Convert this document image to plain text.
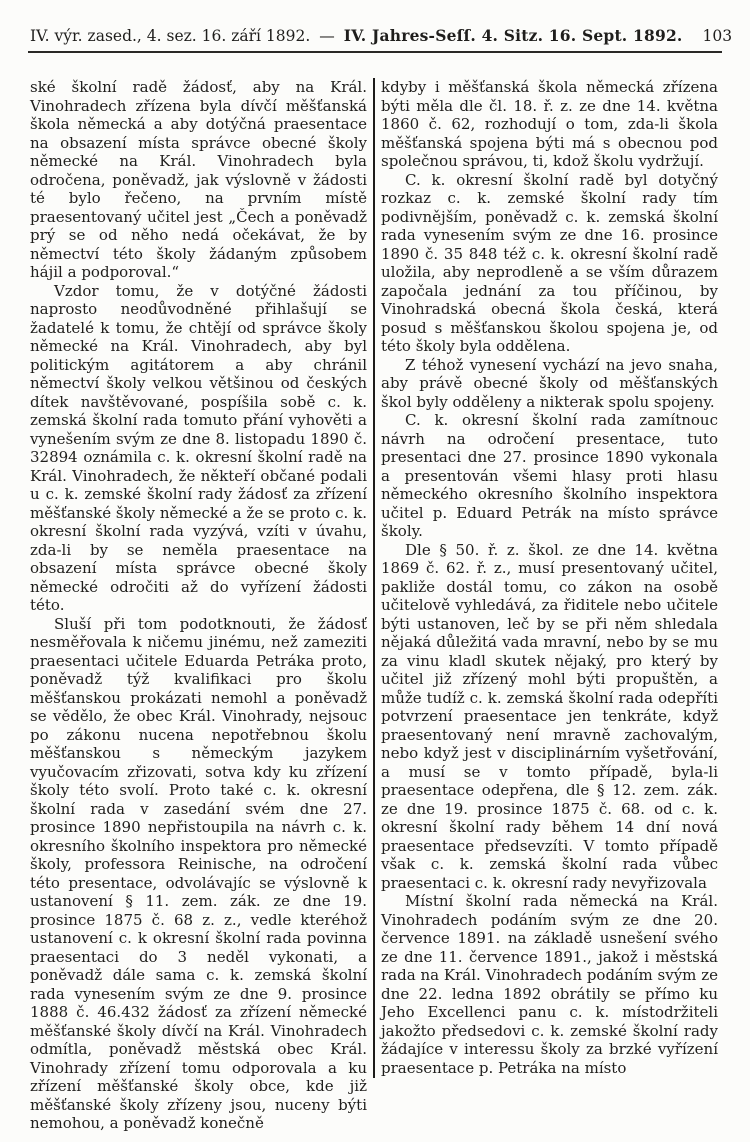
IV. výr. zased., 4. sez. 16. září 1892. — IV. Jahres-Seſſ. 4. Sitz. 16. Sept. 1892.	103

ské školní radě žádosť, aby na Král. Vinohradech zřízena byla dívčí měšťanská škola německá a aby dotýčná praesentace na obsazení místa správce obecné školy německé na Král. Vinohradech byla odročena, poněvadž, jak výslovně v žádosti té bylo řečeno, na prvním místě praesentovaný učitel jest „Čech a poněvadž prý se od něho nedá očekávat, že by němectví této školy žádaným způsobem hájil a podporoval.“

Vzdor tomu, že v dotýčné žádosti naprosto neodůvodněné přihlašují se žadatelé k tomu, že chtějí od správce školy německé na Král. Vinohradech, aby byl politickým agitátorem a aby chránil němectví školy velkou většinou od českých dítek navštěvované, pospíšila sobě c. k. zemská školní rada tomuto přání vyhověti a vynešením svým ze dne 8. listopadu 1890 č. 32894 oznámila c. k. okresní školní radě na Král. Vinohradech, že někteří občané podali u c. k. zemské školní rady žádosť za zřízení měšťanské školy německé a že se proto c. k. okresní školní rada vyzývá, vzíti v úvahu, zda-li by se neměla praesentace na obsazení místa správce obecné školy německé odročiti až do vyřízení žádosti této.

Sluší při tom podotknouti, že žádosť nesměřovala k ničemu jinému, než zameziti praesentaci učitele Eduarda Petráka proto, poněvadž týž kvalifikaci pro školu měšťanskou prokázati nemohl a poněvadž se vědělo, že obec Král. Vinohrady, nejsouc po zákonu nucena nepotřebnou školu měšťanskou s německým jazykem vyučovacím zřizovati, sotva kdy ku zřízení školy této svolí. Proto také c. k. okresní školní rada v zasedání svém dne 27. prosince 1890 nepřistoupila na návrh c. k. okresního školního inspektora pro německé školy, professora Reinische, na odročení této presentace, odvolávajíc se výslovně k ustanovení § 11. zem. zák. ze dne 19. prosince 1875 č. 68 z. z., vedle kteréhož ustanovení c. k okresní školní rada povinna praesentaci do 3 neděl vykonati, a poněvadž dále sama c. k. zemská školní rada vynesením svým ze dne 9. prosince 1888 č. 46.432 žádosť za zřízení německé měšťanské školy dívčí na Král. Vinohradech odmítla, poněvadž městská obec Král. Vinohrady zřízení tomu odporovala a ku zřízení měšťanské školy obce, kde již měšťanské školy zřízeny jsou, nuceny býti nemohou, a poněvadž konečně

kdyby i měšťanská škola německá zřízena býti měla dle čl. 18. ř. z. ze dne 14. května 1860 č. 62, rozhodují o tom, zda-li škola měšťanská spojena býti má s obecnou pod společnou správou, ti, kdož školu vydržují.

C. k. okresní školní radě byl dotyčný rozkaz c. k. zemské školní rady tím podivnějším, poněvadž c. k. zemská školní rada vynesením svým ze dne 16. prosince 1890 č. 35 848 též c. k. okresní školní radě uložila, aby neprodleně a se vším důrazem započala jednání za tou příčinou, by Vinohradská obecná škola česká, která posud s měšťanskou školou spojena je, od této školy byla oddělena.

Z téhož vynesení vychází na jevo snaha, aby právě obecné školy od měšťanských škol byly odděleny a nikterak spolu spojeny.

C. k. okresní školní rada zamítnouc návrh na odročení presentace, tuto presentaci dne 27. prosince 1890 vykonala a presentován všemi hlasy proti hlasu německého okresního školního inspektora učitel p. Eduard Petrák na místo správce školy.

Dle § 50. ř. z. škol. ze dne 14. května 1869 č. 62. ř. z., musí presentovaný učitel, pakliže dostál tomu, co zákon na osobě učitelově vyhledává, za řiditele nebo učitele býti ustanoven, leč by se při něm shledala nějaká důležitá vada mravní, nebo by se mu za vinu kladl skutek nějaký, pro který by učitel již zřízený mohl býti propuštěn, a může tudíž c. k. zemská školní rada odepříti potvrzení praesentace jen tenkráte, když praesentovaný není mravně zachovalým, nebo když jest v disciplinárním vyšetřování, a musí se v tomto případě, byla-li praesentace odepřena, dle § 12. zem. zák. ze dne 19. prosince 1875 č. 68. od c. k. okresní školní rady během 14 dní nová praesentace předsevzíti. V tomto případě však c. k. zemská školní rada vůbec praesentaci c. k. okresní rady nevyřizovala

Místní školní rada německá na Král. Vinohradech podáním svým ze dne 20. července 1891. na základě usnešení svého ze dne 11. července 1891., jakož i městská rada na Král. Vinohradech podáním svým ze dne 22. ledna 1892 obrátily se přímo ku Jeho Excellenci panu c. k. místodržiteli jakožto předsedovi c. k. zemské školní rady žádajíce v interessu školy za brzké vyřízení praesentace p. Petráka na místo
